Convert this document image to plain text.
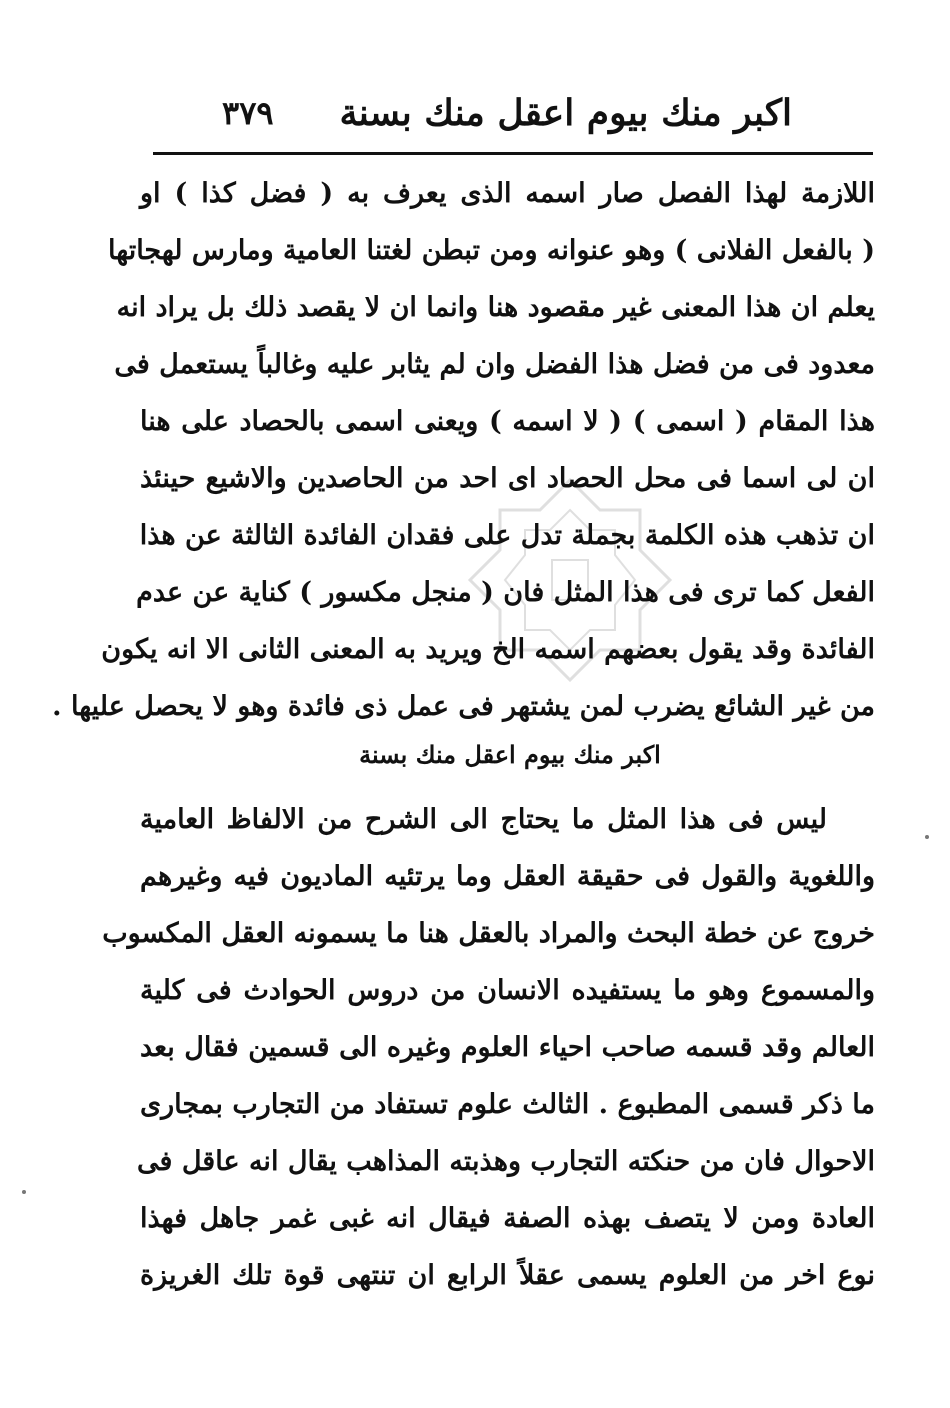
اكبر منك بيوم اعقل منك بسنة
٣٧٩
اللازمة لهذا الفصل صار اسمه الذى يعرف به ( فضل كذا ) او
( بالفعل الفلانى ) وهو عنوانه ومن تبطن لغتنا العامية ومارس لهجاتها
يعلم ان هذا المعنى غير مقصود هنا وانما ان لا يقصد ذلك بل يراد انه
معدود فى من فضل هذا الفضل وان لم يثابر عليه وغالباً يستعمل فى
هذا المقام ( اسمى ) ( لا اسمه ) ويعنى اسمى بالحصاد على هنا
ان لى اسما فى محل الحصاد اى احد من الحاصدين والاشيع حينئذ
ان تذهب هذه الكلمة بجملة تدل على فقدان الفائدة الثالثة عن هذا
الفعل كما ترى فى هذا المثل فان ( منجل مكسور ) كناية عن عدم
الفائدة وقد يقول بعضهم اسمه الخ ويريد به المعنى الثانى الا انه يكون
من غير الشائع يضرب لمن يشتهر فى عمل ذى فائدة وهو لا يحصل عليها .
اكبر منك بيوم اعقل منك بسنة
ليس فى هذا المثل ما يحتاج الى الشرح من الالفاظ العامية
واللغوية والقول فى حقيقة العقل وما يرتئيه الماديون فيه وغيرهم
خروج عن خطة البحث والمراد بالعقل هنا ما يسمونه العقل المكسوب
والمسموع وهو ما يستفيده الانسان من دروس الحوادث فى كلية
العالم وقد قسمه صاحب احياء العلوم وغيره الى قسمين فقال بعد
ما ذكر قسمى المطبوع . الثالث علوم تستفاد من التجارب بمجارى
الاحوال فان من حنكته التجارب وهذبته المذاهب يقال انه عاقل فى
العادة ومن لا يتصف بهذه الصفة فيقال انه غبى غمر جاهل فهذا
نوع اخر من العلوم يسمى عقلاً الرابع ان تنتهى قوة تلك الغريزة
